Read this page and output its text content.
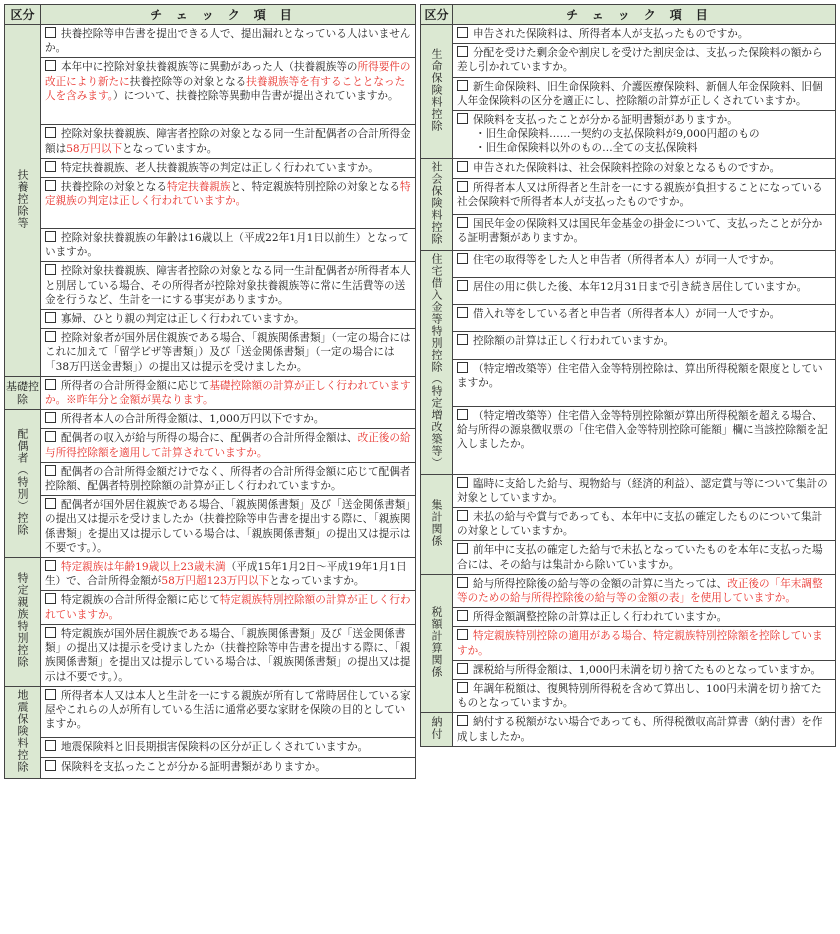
区分	チェック項目
扶養控除等	扶養控除等申告書を提出できる人で、提出漏れとなっている人はいませんか。
	本年中に控除対象扶養親族等に異動があった人（扶養親族等の所得要件の改正により新たに扶養控除等の対象となる扶養親族等を有することとなった人を含みます。）について、扶養控除等異動申告書が提出されていますか。
	控除対象扶養親族、障害者控除の対象となる同一生計配偶者の合計所得金額は58万円以下となっていますか。
	特定扶養親族、老人扶養親族等の判定は正しく行われていますか。
	扶養控除の対象となる特定扶養親族と、特定親族特別控除の対象となる特定親族の判定は正しく行われていますか。
	控除対象扶養親族の年齢は16歳以上（平成22年1月1日以前生）となっていますか。
	控除対象扶養親族、障害者控除の対象となる同一生計配偶者が所得者本人と別居している場合、その所得者が控除対象扶養親族等に常に生活費等の送金を行うなど、生計を一にする事実がありますか。
	寡婦、ひとり親の判定は正しく行われていますか。
	控除対象者が国外居住親族である場合、「親族関係書類」（一定の場合にはこれに加えて「留学ビザ等書類」）及び「送金関係書類」（一定の場合には「38万円送金書類」）の提出又は提示を受けましたか。
基礎控除	所得者の合計所得金額に応じて基礎控除額の計算が正しく行われていますか。※昨年分と金額が異なります。
配偶者（特別）控除	所得者本人の合計所得金額は、1,000万円以下ですか。
	配偶者の収入が給与所得の場合に、配偶者の合計所得金額は、改正後の給与所得控除額を適用して計算されていますか。
	配偶者の合計所得金額だけでなく、所得者の合計所得金額に応じて配偶者控除額、配偶者特別控除額の計算が正しく行われていますか。
	配偶者が国外居住親族である場合、「親族関係書類」及び「送金関係書類」の提出又は提示を受けましたか（扶養控除等申告書を提出する際に、「親族関係書類」を提出又は提示している場合は、「親族関係書類」の提出又は提示は不要です。）。
特定親族特別控除	特定親族は年齢19歳以上23歳未満（平成15年1月2日～平成19年1月1日生）で、合計所得金額が58万円超123万円以下となっていますか。
	特定親族の合計所得金額に応じて特定親族特別控除額の計算が正しく行われていますか。
	特定親族が国外居住親族である場合、「親族関係書類」及び「送金関係書類」の提出又は提示を受けましたか（扶養控除等申告書を提出する際に、「親族関係書類」を提出又は提示している場合は、「親族関係書類」の提出又は提示は不要です。）。
地震保険料控除	所得者本人又は本人と生計を一にする親族が所有して常時居住している家屋やこれらの人が所有している生活に通常必要な家財を保険の目的としていますか。
	地震保険料と旧長期損害保険料の区分が正しくされていますか。
	保険料を支払ったことが分かる証明書類がありますか。
区分	チェック項目
生命保険料控除	申告された保険料は、所得者本人が支払ったものですか。
	分配を受けた剰余金や割戻しを受けた割戻金は、支払った保険料の額から差し引かれていますか。
	新生命保険料、旧生命保険料、介護医療保険料、新個人年金保険料、旧個人年金保険料の区分を適正にし、控除額の計算が正しくされていますか。
	保険料を支払ったことが分かる証明書類がありますか。
・旧生命保険料……一契約の支払保険料が9,000円超のもの
・旧生命保険料以外のもの…全ての支払保険料

社会保険料控除	申告された保険料は、社会保険料控除の対象となるものですか。
	所得者本人又は所得者と生計を一にする親族が負担することになっている社会保険料で所得者本人が支払ったものですか。
	国民年金の保険料又は国民年金基金の掛金について、支払ったことが分かる証明書類がありますか。
住宅借入金等特別控除（特定増改築等）	住宅の取得等をした人と申告者（所得者本人）が同一人ですか。
	居住の用に供した後、本年12月31日まで引き続き居住していますか。
	借入れ等をしている者と申告者（所得者本人）が同一人ですか。
	控除額の計算は正しく行われていますか。
	（特定増改築等）住宅借入金等特別控除は、算出所得税額を限度としていますか。
	（特定増改築等）住宅借入金等特別控除額が算出所得税額を超える場合、給与所得の源泉徴収票の「住宅借入金等特別控除可能額」欄に当該控除額を記入しましたか。
集計関係	臨時に支給した給与、現物給与（経済的利益）、認定賞与等について集計の対象としていますか。
	未払の給与や賞与であっても、本年中に支払の確定したものについて集計の対象としていますか。
	前年中に支払の確定した給与で未払となっていたものを本年に支払った場合には、その給与は集計から除いていますか。
税額計算関係	給与所得控除後の給与等の金額の計算に当たっては、改正後の「年末調整等のための給与所得控除後の給与等の金額の表」を使用していますか。
	所得金額調整控除の計算は正しく行われていますか。
	特定親族特別控除の適用がある場合、特定親族特別控除額を控除していますか。
	課税給与所得金額は、1,000円未満を切り捨てたものとなっていますか。
	年調年税額は、復興特別所得税を含めて算出し、100円未満を切り捨てたものとなっていますか。
納付	納付する税額がない場合であっても、所得税徴収高計算書（納付書）を作成しましたか。
